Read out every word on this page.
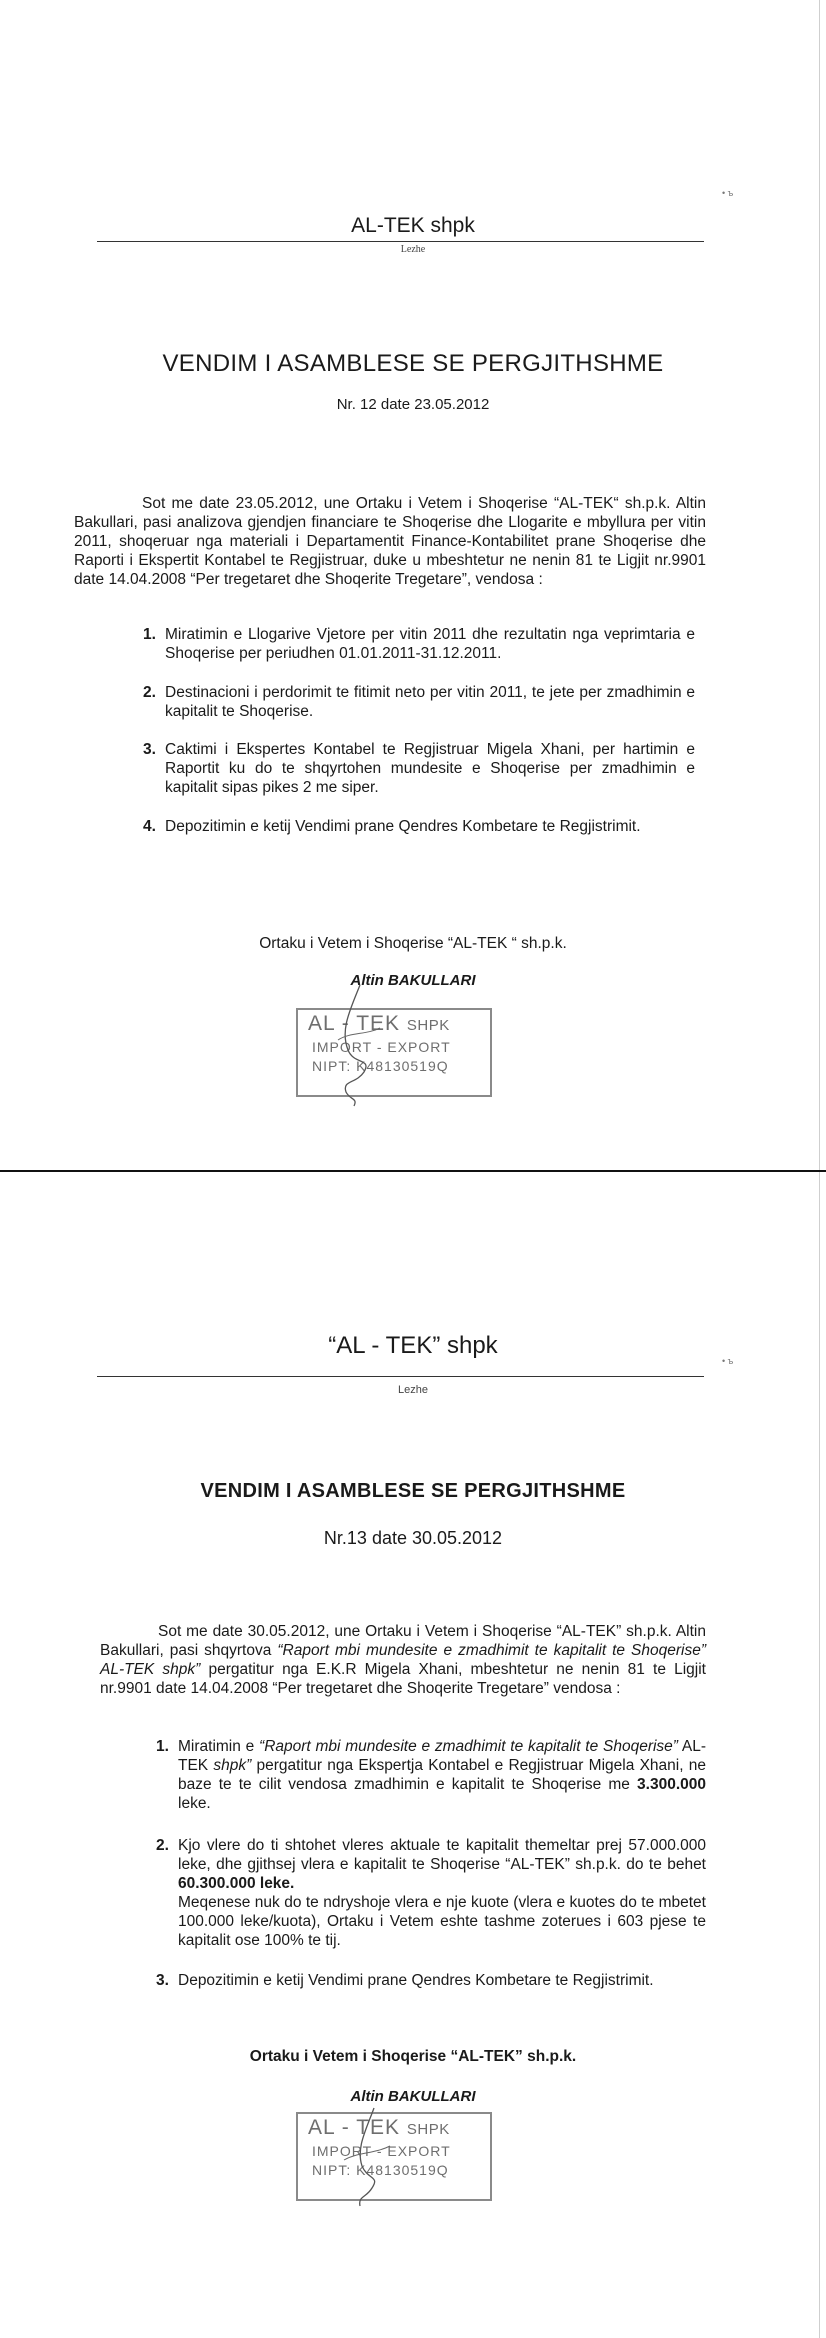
• ъ
AL-TEK shpk
Lezhe
VENDIM I ASAMBLESE SE PERGJITHSHME
Nr. 12 date 23.05.2012
Sot me date 23.05.2012, une Ortaku i Vetem i Shoqerise “AL-TEK“ sh.p.k. Altin Bakullari, pasi analizova gjendjen financiare te Shoqerise dhe Llogarite e mbyllura per vitin 2011, shoqeruar nga materiali i Departamentit Finance-Kontabilitet prane Shoqerise dhe Raporti i Ekspertit Kontabel te Regjistruar, duke u mbeshtetur ne nenin 81 te Ligjit nr.9901 date 14.04.2008 “Per tregetaret dhe Shoqerite Tregetare”, vendosa :
1. Miratimin e Llogarive Vjetore per vitin 2011 dhe rezultatin nga veprimtaria e Shoqerise per periudhen 01.01.2011-31.12.2011.
2. Destinacioni i perdorimit te fitimit neto per vitin 2011, te jete per zmadhimin e kapitalit te Shoqerise.
3. Caktimi i Ekspertes Kontabel te Regjistruar Migela Xhani, per hartimin e Raportit ku do te shqyrtohen mundesite e Shoqerise per zmadhimin e kapitalit sipas pikes 2 me siper.
4. Depozitimin e ketij Vendimi prane Qendres Kombetare te Regjistrimit.
Ortaku i Vetem i Shoqerise “AL-TEK “ sh.p.k.
Altin BAKULLARI
AL - TEK SHPK
IMPORT - EXPORT
NIPT: K48130519Q
• ъ
“AL - TEK” shpk
Lezhe
VENDIM I ASAMBLESE SE PERGJITHSHME
Nr.13 date 30.05.2012
Sot me date 30.05.2012, une Ortaku i Vetem i Shoqerise “AL-TEK” sh.p.k. Altin Bakullari, pasi shqyrtova “Raport mbi mundesite e zmadhimit te kapitalit te Shoqerise” AL-TEK shpk” pergatitur nga E.K.R Migela Xhani, mbeshtetur ne nenin 81 te Ligjit nr.9901 date 14.04.2008 “Per tregetaret dhe Shoqerite Tregetare” vendosa :
1. Miratimin e “Raport mbi mundesite e zmadhimit te kapitalit te Shoqerise” AL-TEK shpk” pergatitur nga Ekspertja Kontabel e Regjistruar Migela Xhani, ne baze te te cilit vendosa zmadhimin e kapitalit te Shoqerise me 3.300.000 leke.
2. Kjo vlere do ti shtohet vleres aktuale te kapitalit themeltar prej 57.000.000 leke, dhe gjithsej vlera e kapitalit te Shoqerise “AL-TEK” sh.p.k. do te behet 60.300.000 leke.
Meqenese nuk do te ndryshoje vlera e nje kuote (vlera e kuotes do te mbetet 100.000 leke/kuota), Ortaku i Vetem eshte tashme zoterues i 603 pjese te kapitalit ose 100% te tij.
3. Depozitimin e ketij Vendimi prane Qendres Kombetare te Regjistrimit.
Ortaku i Vetem i Shoqerise “AL-TEK” sh.p.k.
Altin BAKULLARI
AL - TEK SHPK
IMPORT - EXPORT
NIPT: K48130519Q
